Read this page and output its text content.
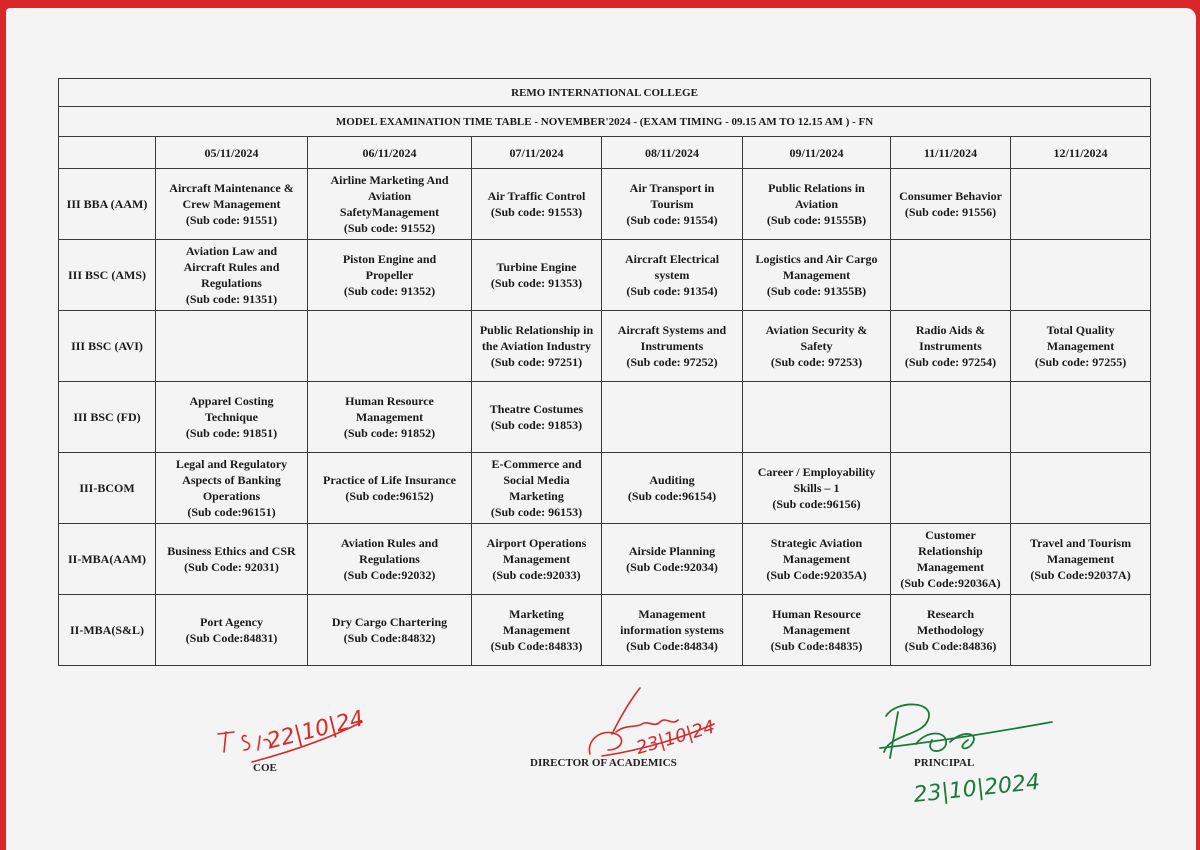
REMO INTERNATIONAL COLLEGE							
MODEL EXAMINATION TIME TABLE - NOVEMBER'2024 - (EXAM TIMING - 09.15 AM TO 12.15 AM ) - FN							
	05/11/2024	06/11/2024	07/11/2024	08/11/2024	09/11/2024	11/11/2024	12/11/2024
III BBA (AAM)	Aircraft Maintenance &
Crew Management
(Sub code: 91551)	Airline Marketing And
Aviation
SafetyManagement
(Sub code: 91552)	Air Traffic Control
(Sub code: 91553)	Air Transport in
Tourism
(Sub code: 91554)	Public Relations in
Aviation
(Sub code: 91555B)	Consumer Behavior
(Sub code: 91556)	

III BSC (AMS)	Aviation Law and
Aircraft Rules and
Regulations
(Sub code: 91351)	Piston Engine and
Propeller
(Sub code: 91352)	Turbine Engine
(Sub code: 91353)	Aircraft Electrical
system
(Sub code: 91354)	Logistics and Air Cargo
Management
(Sub code: 91355B)		

III BSC (AVI)			Public Relationship in
the Aviation Industry
(Sub code: 97251)	Aircraft Systems and
Instruments
(Sub code: 97252)	Aviation Security &
Safety
(Sub code: 97253)	Radio Aids &
Instruments
(Sub code: 97254)	Total Quality
Management
(Sub code: 97255)

III BSC (FD)	Apparel Costing
Technique
(Sub code: 91851)	Human Resource
Management
(Sub code: 91852)	Theatre Costumes
(Sub code: 91853)				

III-BCOM	Legal and Regulatory
Aspects of Banking
Operations
(Sub code:96151)	Practice of Life Insurance
(Sub code:96152)	E-Commerce and
Social Media
Marketing
(Sub code: 96153)	Auditing
(Sub code:96154)	Career / Employability
Skills – 1
(Sub code:96156)		

II-MBA(AAM)	Business Ethics and CSR
(Sub Code: 92031)	Aviation Rules and
Regulations
(Sub Code:92032)	Airport Operations
Management
(Sub code:92033)	Airside Planning
(Sub Code:92034)	Strategic Aviation
Management
(Sub Code:92035A)	Customer
Relationship
Management
(Sub Code:92036A)	Travel and Tourism
Management
(Sub Code:92037A)

II-MBA(S&L)	Port Agency
(Sub Code:84831)	Dry Cargo Chartering
(Sub Code:84832)	Marketing
Management
(Sub Code:84833)	Management
information systems
(Sub Code:84834)	Human Resource
Management
(Sub Code:84835)	Research
Methodology
(Sub Code:84836)	

T. S. Lhi 22/10/24
22|10|24
COE
23|10|24
DIRECTOR OF ACADEMICS
23|10|2024
PRINCIPAL
